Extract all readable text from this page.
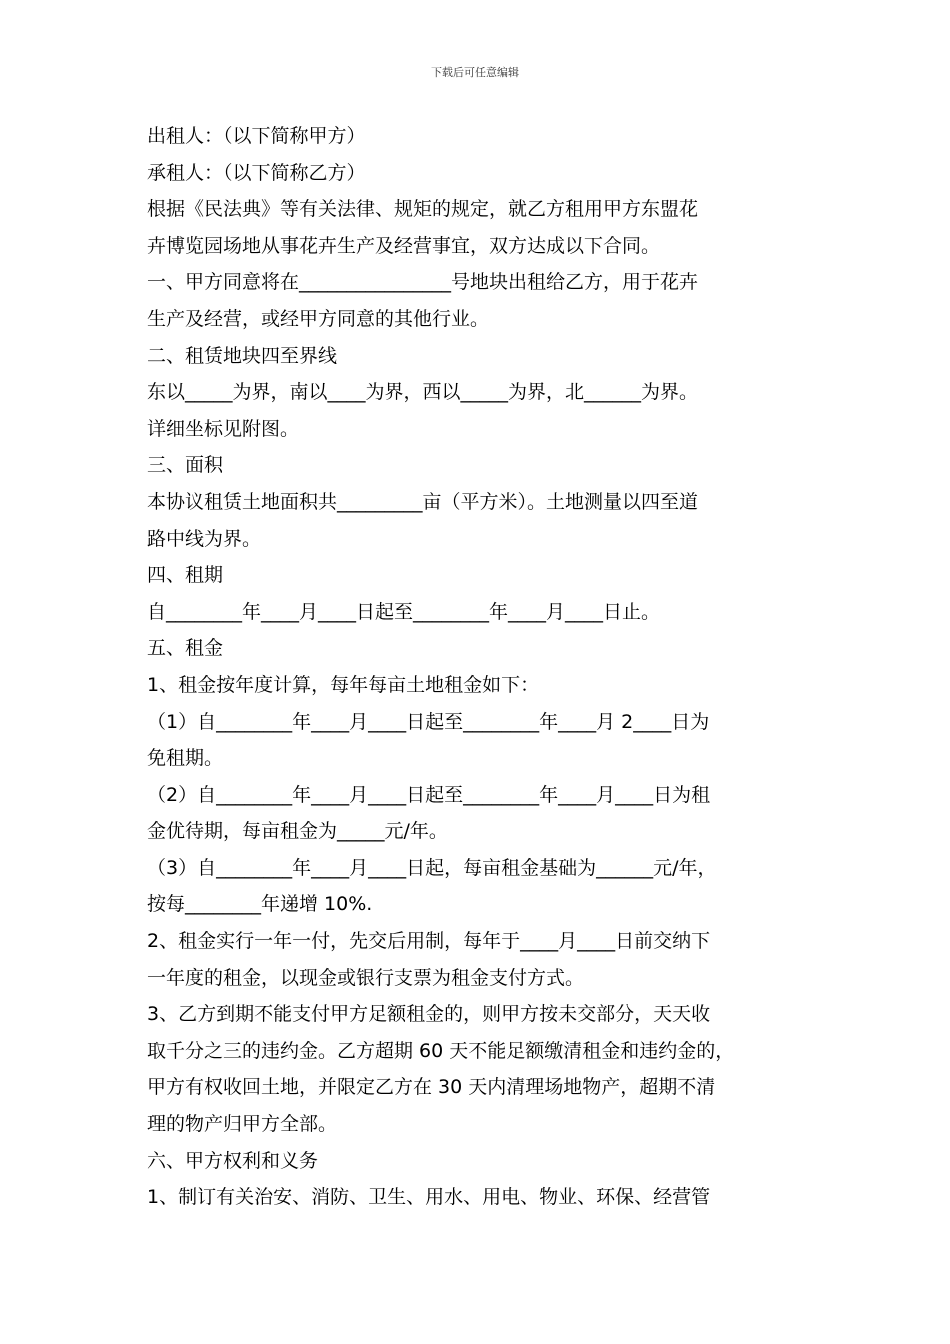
下载后可任意编辑
出租人：（以下简称甲方）
承租人：（以下简称乙方）
根据《民法典》等有关法律、规矩的规定，就乙方租用甲方东盟花
卉博览园场地从事花卉生产及经营事宜，双方达成以下合同。
一、甲方同意将在________________号地块出租给乙方，用于花卉
生产及经营，或经甲方同意的其他行业。
二、租赁地块四至界线
东以_____为界，南以____为界，西以_____为界，北______为界。
详细坐标见附图。
三、面积
本协议租赁土地面积共_________亩（平方米）。土地测量以四至道
路中线为界。
四、租期
自________年____月____日起至________年____月____日止。
五、租金
1、租金按年度计算，每年每亩土地租金如下：
（1）自________年____月____日起至________年____月 2____日为
免租期。
（2）自________年____月____日起至________年____月____日为租
金优待期，每亩租金为_____元/年。
（3）自________年____月____日起，每亩租金基础为______元/年，
按每________年递增 10%.
2、租金实行一年一付，先交后用制，每年于____月____日前交纳下
一年度的租金，以现金或银行支票为租金支付方式。
3、乙方到期不能支付甲方足额租金的，则甲方按未交部分，天天收
取千分之三的违约金。乙方超期 60 天不能足额缴清租金和违约金的，
甲方有权收回土地，并限定乙方在 30 天内清理场地物产，超期不清
理的物产归甲方全部。
六、甲方权利和义务
1、制订有关治安、消防、卫生、用水、用电、物业、环保、经营管
